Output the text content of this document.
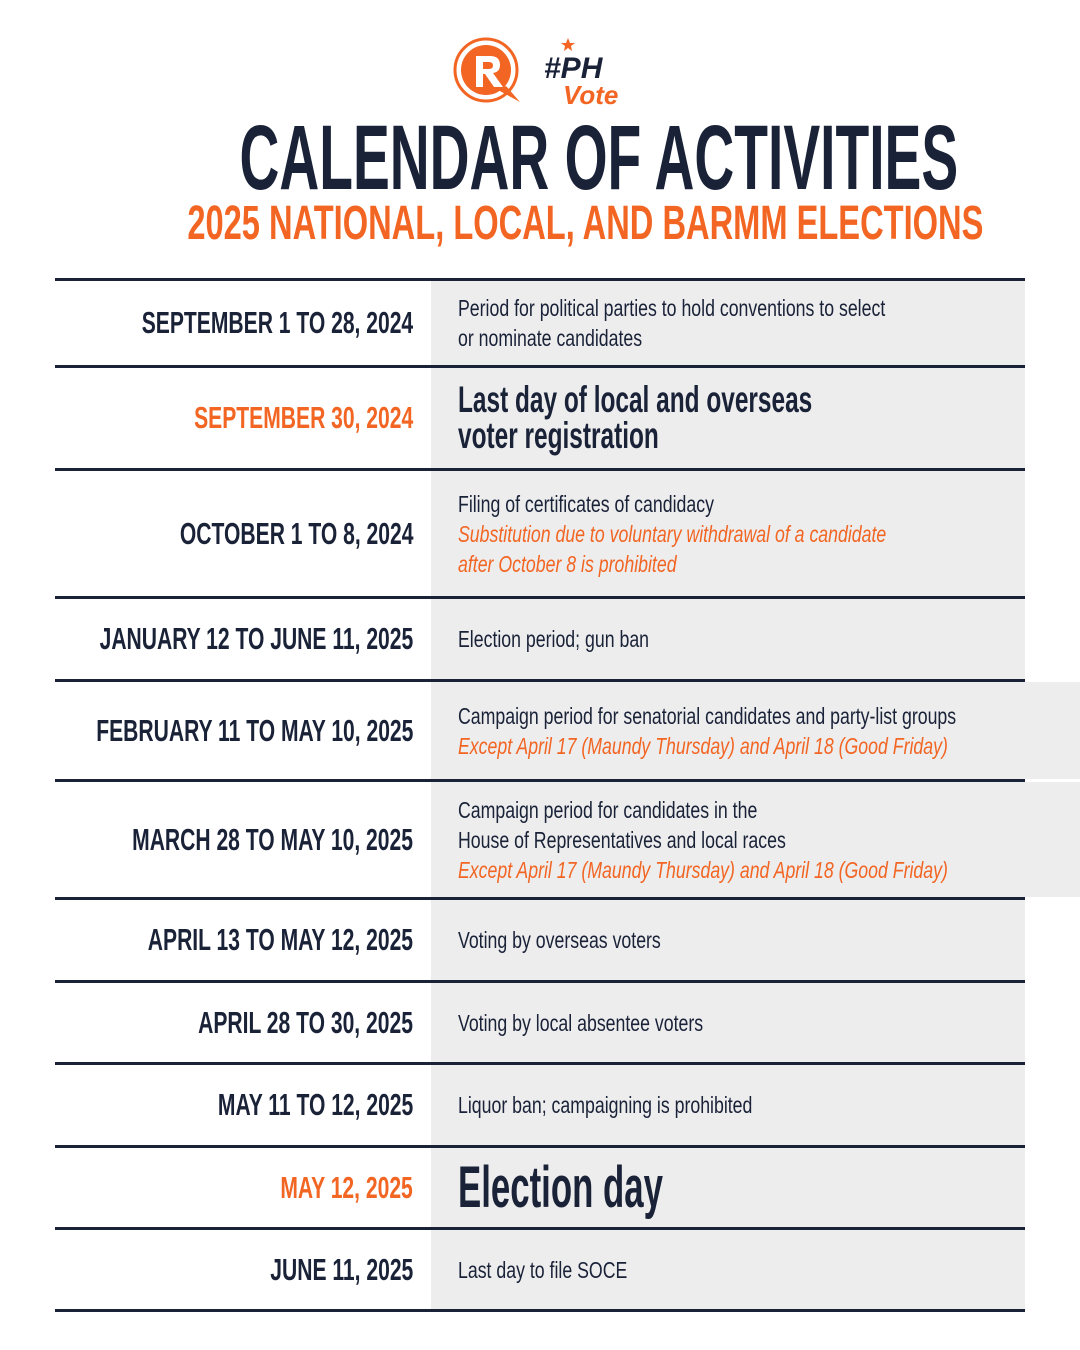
#PH
Vote
CALENDAR OF ACTIVITIES
2025 NATIONAL, LOCAL, AND BARMM ELECTIONS
SEPTEMBER 1 TO 28, 2024 Period for political parties to hold conventions to select
or nominate candidates
SEPTEMBER 30, 2024 Last day of local and overseas
voter registration
OCTOBER 1 TO 8, 2024
Filing of certificates of candidacy
Substitution due to voluntary withdrawal of a candidate
after October 8 is prohibited
JANUARY 12 TO JUNE 11, 2025 Election period; gun ban
FEBRUARY 11 TO MAY 10, 2025 Campaign period for senatorial candidates and party-list groups
Except April 17 (Maundy Thursday) and April 18 (Good Friday)
MARCH 28 TO MAY 10, 2025
Campaign period for candidates in the
House of Representatives and local races
Except April 17 (Maundy Thursday) and April 18 (Good Friday)
APRIL 13 TO MAY 12, 2025 Voting by overseas voters
APRIL 28 TO 30, 2025 Voting by local absentee voters
MAY 11 TO 12, 2025 Liquor ban; campaigning is prohibited
MAY 12, 2025 Election day
JUNE 11, 2025 Last day to file SOCE
